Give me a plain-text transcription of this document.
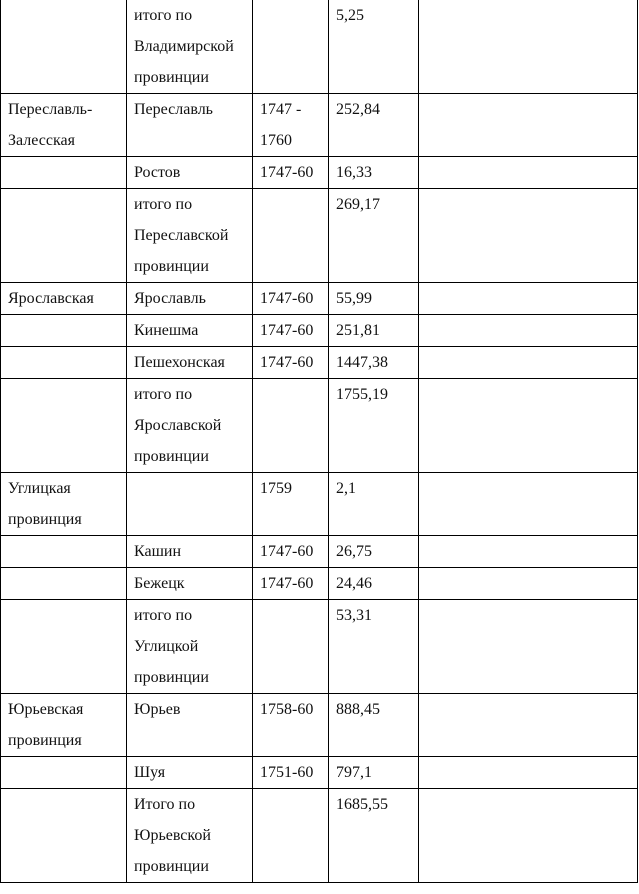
	итого по Владимирской провинции		5,25	
Переславль-Залесская	Переславль	1747 - 1760	252,84	
	Ростов	1747-60	16,33	
	итого по Переславской провинции		269,17	
Ярославская	Ярославль	1747-60	55,99	
	Кинешма	1747-60	251,81	
	Пешехонская	1747-60	1447,38	
	итого по Ярославской провинции		1755,19	
Углицкая провинция		1759	2,1	
	Кашин	1747-60	26,75	
	Бежецк	1747-60	24,46	
	итого по Углицкой провинции		53,31	
Юрьевская провинция	Юрьев	1758-60	888,45	
	Шуя	1751-60	797,1	
	Итого по Юрьевской провинции		1685,55	
